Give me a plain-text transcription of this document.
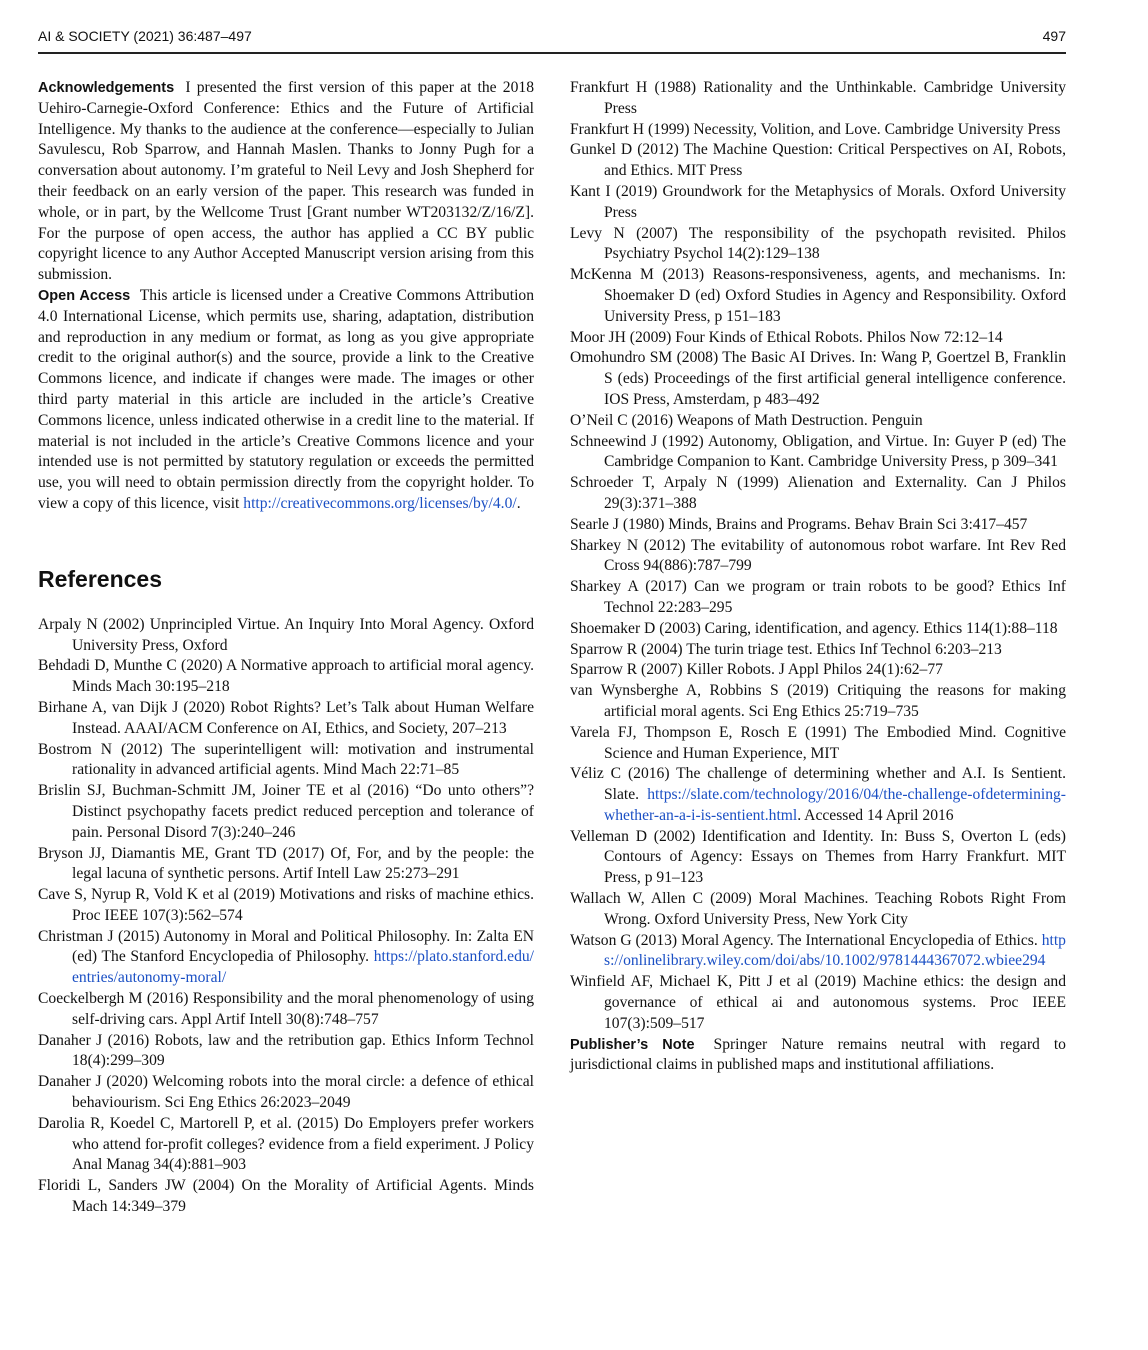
AI & SOCIETY (2021) 36:487–497	497

Acknowledgements I presented the first version of this paper at the 2018 Uehiro-Carnegie-Oxford Conference: Ethics and the Future of Artificial Intelligence. My thanks to the audience at the conference—especially to Julian Savulescu, Rob Sparrow, and Hannah Maslen. Thanks to Jonny Pugh for a conversation about autonomy. I’m grateful to Neil Levy and Josh Shepherd for their feedback on an early version of the paper. This research was funded in whole, or in part, by the Wellcome Trust [Grant number WT203132/Z/16/Z]. For the purpose of open access, the author has applied a CC BY public copyright licence to any Author Accepted Manuscript version arising from this submission.

Open Access This article is licensed under a Creative Commons Attribution 4.0 International License, which permits use, sharing, adaptation, distribution and reproduction in any medium or format, as long as you give appropriate credit to the original author(s) and the source, provide a link to the Creative Commons licence, and indicate if changes were made. The images or other third party material in this article are included in the article’s Creative Commons licence, unless indicated otherwise in a credit line to the material. If material is not included in the article’s Creative Commons licence and your intended use is not permitted by statutory regulation or exceeds the permitted use, you will need to obtain permission directly from the copyright holder. To view a copy of this licence, visit http://creativecommons.org/licenses/by/4.0/.

References
Arpaly N (2002) Unprincipled Virtue. An Inquiry Into Moral Agency. Oxford University Press, Oxford
Behdadi D, Munthe C (2020) A Normative approach to artificial moral agency. Minds Mach 30:195–218
Birhane A, van Dijk J (2020) Robot Rights? Let’s Talk about Human Welfare Instead. AAAI/ACM Conference on AI, Ethics, and Society, 207–213
Bostrom N (2012) The superintelligent will: motivation and instrumental rationality in advanced artificial agents. Mind Mach 22:71–85
Brislin SJ, Buchman-Schmitt JM, Joiner TE et al (2016) “Do unto others”? Distinct psychopathy facets predict reduced perception and tolerance of pain. Personal Disord 7(3):240–246
Bryson JJ, Diamantis ME, Grant TD (2017) Of, For, and by the people: the legal lacuna of synthetic persons. Artif Intell Law 25:273–291
Cave S, Nyrup R, Vold K et al (2019) Motivations and risks of machine ethics. Proc IEEE 107(3):562–574
Christman J (2015) Autonomy in Moral and Political Philosophy. In: Zalta EN (ed) The Stanford Encyclopedia of Philosophy. https://plato.stanford.edu/entries/autonomy-moral/
Coeckelbergh M (2016) Responsibility and the moral phenomenology of using self-driving cars. Appl Artif Intell 30(8):748–757
Danaher J (2016) Robots, law and the retribution gap. Ethics Inform Technol 18(4):299–309
Danaher J (2020) Welcoming robots into the moral circle: a defence of ethical behaviourism. Sci Eng Ethics 26:2023–2049
Darolia R, Koedel C, Martorell P, et al. (2015) Do Employers prefer workers who attend for-profit colleges? evidence from a field experiment. J Policy Anal Manag 34(4):881–903
Floridi L, Sanders JW (2004) On the Morality of Artificial Agents. Minds Mach 14:349–379
Frankfurt H (1988) Rationality and the Unthinkable. Cambridge University Press
Frankfurt H (1999) Necessity, Volition, and Love. Cambridge University Press
Gunkel D (2012) The Machine Question: Critical Perspectives on AI, Robots, and Ethics. MIT Press
Kant I (2019) Groundwork for the Metaphysics of Morals. Oxford University Press
Levy N (2007) The responsibility of the psychopath revisited. Philos Psychiatry Psychol 14(2):129–138
McKenna M (2013) Reasons-responsiveness, agents, and mechanisms. In: Shoemaker D (ed) Oxford Studies in Agency and Responsibility. Oxford University Press, p 151–183
Moor JH (2009) Four Kinds of Ethical Robots. Philos Now 72:12–14
Omohundro SM (2008) The Basic AI Drives. In: Wang P, Goertzel B, Franklin S (eds) Proceedings of the first artificial general intelligence conference. IOS Press, Amsterdam, p 483–492
O’Neil C (2016) Weapons of Math Destruction. Penguin
Schneewind J (1992) Autonomy, Obligation, and Virtue. In: Guyer P (ed) The Cambridge Companion to Kant. Cambridge University Press, p 309–341
Schroeder T, Arpaly N (1999) Alienation and Externality. Can J Philos 29(3):371–388
Searle J (1980) Minds, Brains and Programs. Behav Brain Sci 3:417–457
Sharkey N (2012) The evitability of autonomous robot warfare. Int Rev Red Cross 94(886):787–799
Sharkey A (2017) Can we program or train robots to be good? Ethics Inf Technol 22:283–295
Shoemaker D (2003) Caring, identification, and agency. Ethics 114(1):88–118
Sparrow R (2004) The turin triage test. Ethics Inf Technol 6:203–213
Sparrow R (2007) Killer Robots. J Appl Philos 24(1):62–77
van Wynsberghe A, Robbins S (2019) Critiquing the reasons for making artificial moral agents. Sci Eng Ethics 25:719–735
Varela FJ, Thompson E, Rosch E (1991) The Embodied Mind. Cognitive Science and Human Experience, MIT
Véliz C (2016) The challenge of determining whether and A.I. Is Sentient. Slate. https://slate.com/technology/2016/04/the-challenge-ofdetermining-whether-an-a-i-is-sentient.html. Accessed 14 April 2016
Velleman D (2002) Identification and Identity. In: Buss S, Overton L (eds) Contours of Agency: Essays on Themes from Harry Frankfurt. MIT Press, p 91–123
Wallach W, Allen C (2009) Moral Machines. Teaching Robots Right From Wrong. Oxford University Press, New York City
Watson G (2013) Moral Agency. The International Encyclopedia of Ethics. https://onlinelibrary.wiley.com/doi/abs/10.1002/9781444367072.wbiee294
Winfield AF, Michael K, Pitt J et al (2019) Machine ethics: the design and governance of ethical ai and autonomous systems. Proc IEEE 107(3):509–517

Publisher’s Note Springer Nature remains neutral with regard to jurisdictional claims in published maps and institutional affiliations.
